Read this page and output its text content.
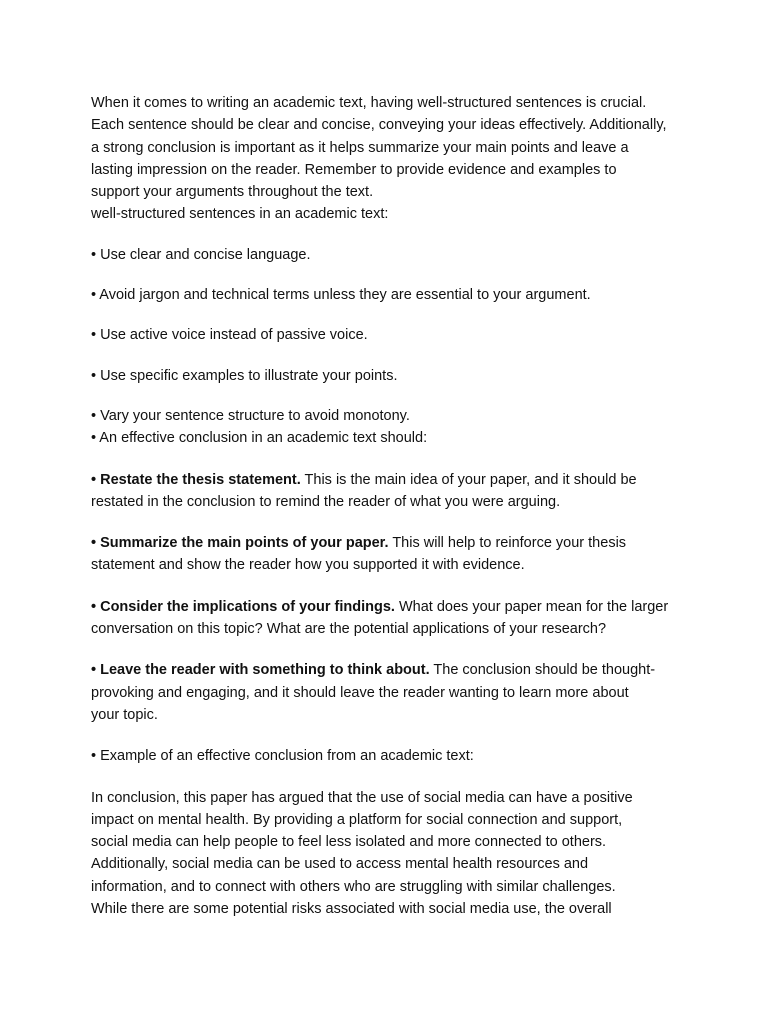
When it comes to writing an academic text, having well-structured sentences is crucial.
Each sentence should be clear and concise, conveying your ideas effectively. Additionally,
a strong conclusion is important as it helps summarize your main points and leave a
lasting impression on the reader. Remember to provide evidence and examples to
support your arguments throughout the text.
well-structured sentences in an academic text:
• Use clear and concise language.
• Avoid jargon and technical terms unless they are essential to your argument.
• Use active voice instead of passive voice.
• Use specific examples to illustrate your points.
• Vary your sentence structure to avoid monotony.
• An effective conclusion in an academic text should:
• Restate the thesis statement. This is the main idea of your paper, and it should be
restated in the conclusion to remind the reader of what you were arguing.
• Summarize the main points of your paper. This will help to reinforce your thesis
statement and show the reader how you supported it with evidence.
• Consider the implications of your findings. What does your paper mean for the larger
conversation on this topic? What are the potential applications of your research?
• Leave the reader with something to think about. The conclusion should be thought-
provoking and engaging, and it should leave the reader wanting to learn more about
your topic.
• Example of an effective conclusion from an academic text:
In conclusion, this paper has argued that the use of social media can have a positive
impact on mental health. By providing a platform for social connection and support,
social media can help people to feel less isolated and more connected to others.
Additionally, social media can be used to access mental health resources and
information, and to connect with others who are struggling with similar challenges.
While there are some potential risks associated with social media use, the overall
